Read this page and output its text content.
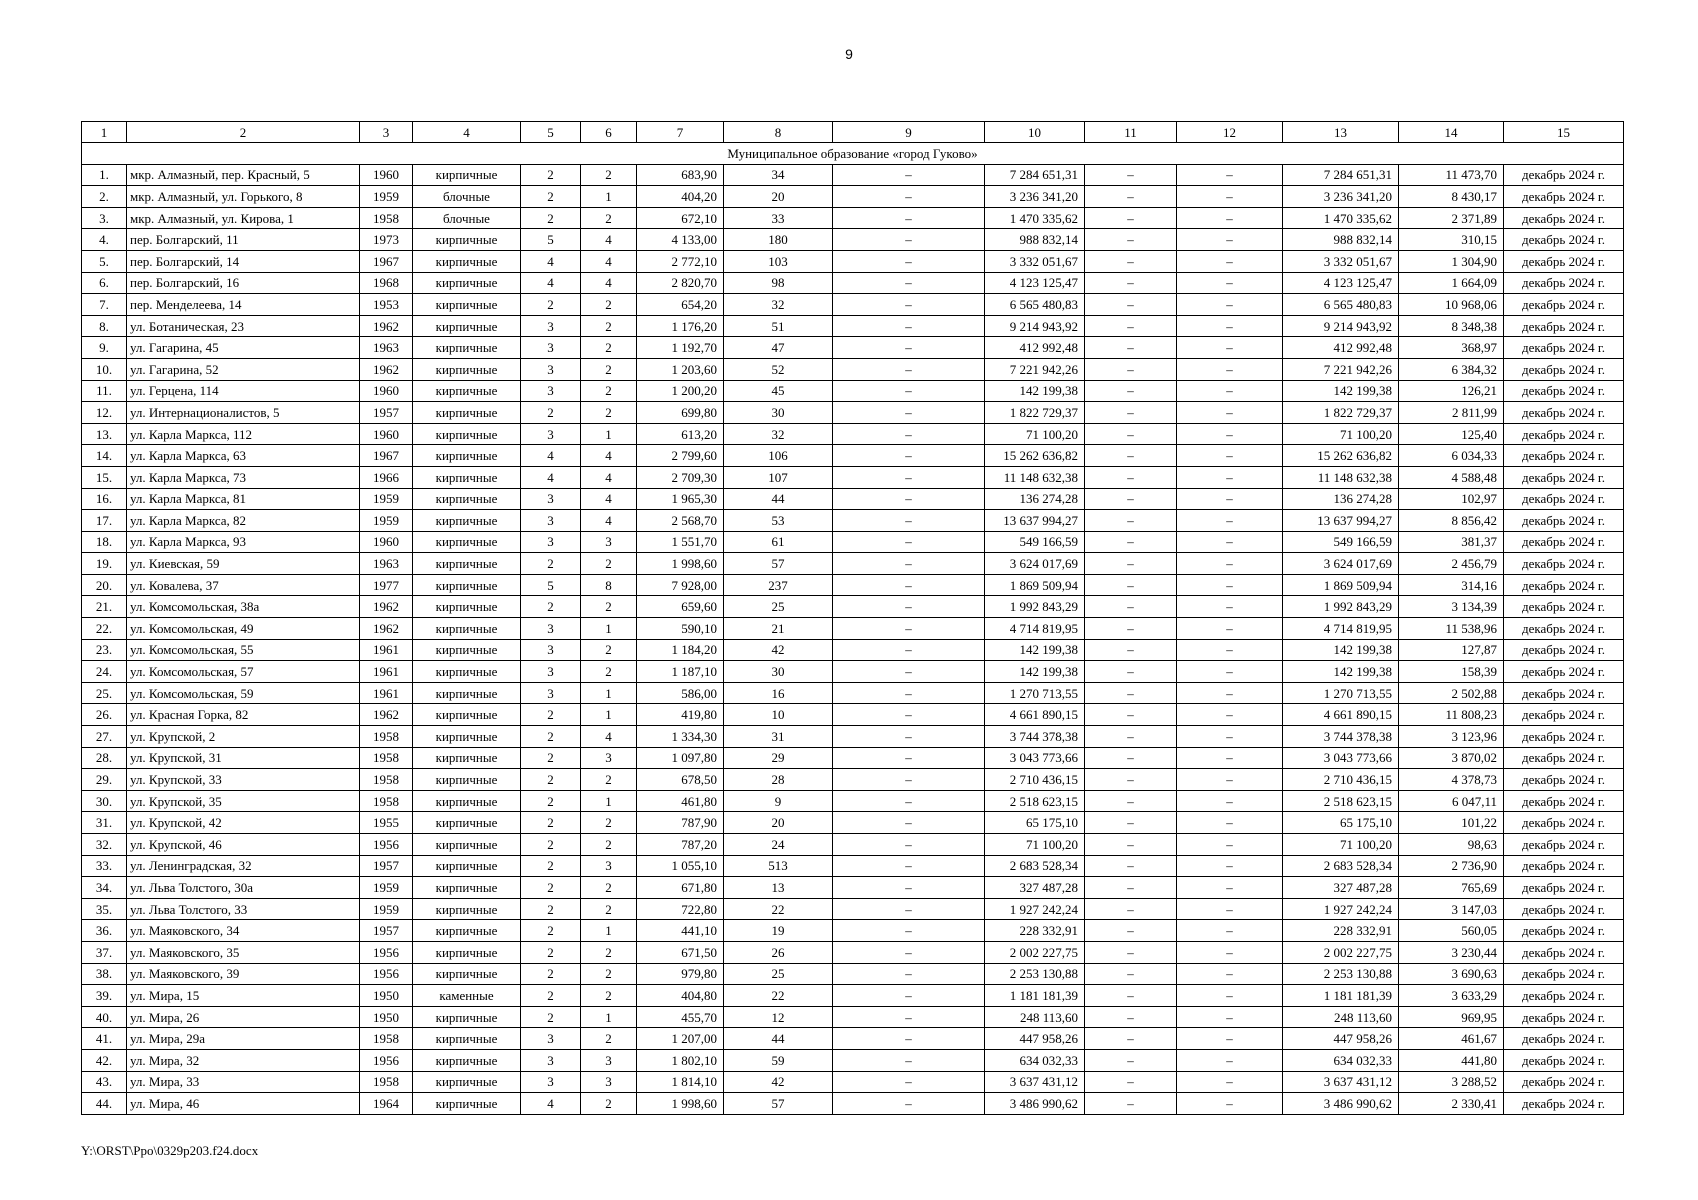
9
1	2	3	4	5	6	7	8	9	10	11	12	13	14	15
Муниципальное образование «город Гуково»														
1.	мкр. Алмазный, пер. Красный, 5	1960	кирпичные	2	2	683,90	34	–	7 284 651,31	–	–	7 284 651,31	11 473,70	декабрь 2024 г.
2.	мкр. Алмазный, ул. Горького, 8	1959	блочные	2	1	404,20	20	–	3 236 341,20	–	–	3 236 341,20	8 430,17	декабрь 2024 г.
3.	мкр. Алмазный, ул. Кирова, 1	1958	блочные	2	2	672,10	33	–	1 470 335,62	–	–	1 470 335,62	2 371,89	декабрь 2024 г.
4.	пер. Болгарский, 11	1973	кирпичные	5	4	4 133,00	180	–	988 832,14	–	–	988 832,14	310,15	декабрь 2024 г.
5.	пер. Болгарский, 14	1967	кирпичные	4	4	2 772,10	103	–	3 332 051,67	–	–	3 332 051,67	1 304,90	декабрь 2024 г.
6.	пер. Болгарский, 16	1968	кирпичные	4	4	2 820,70	98	–	4 123 125,47	–	–	4 123 125,47	1 664,09	декабрь 2024 г.
7.	пер. Менделеева, 14	1953	кирпичные	2	2	654,20	32	–	6 565 480,83	–	–	6 565 480,83	10 968,06	декабрь 2024 г.
8.	ул. Ботаническая, 23	1962	кирпичные	3	2	1 176,20	51	–	9 214 943,92	–	–	9 214 943,92	8 348,38	декабрь 2024 г.
9.	ул. Гагарина, 45	1963	кирпичные	3	2	1 192,70	47	–	412 992,48	–	–	412 992,48	368,97	декабрь 2024 г.
10.	ул. Гагарина, 52	1962	кирпичные	3	2	1 203,60	52	–	7 221 942,26	–	–	7 221 942,26	6 384,32	декабрь 2024 г.
11.	ул. Герцена, 114	1960	кирпичные	3	2	1 200,20	45	–	142 199,38	–	–	142 199,38	126,21	декабрь 2024 г.
12.	ул. Интернационалистов, 5	1957	кирпичные	2	2	699,80	30	–	1 822 729,37	–	–	1 822 729,37	2 811,99	декабрь 2024 г.
13.	ул. Карла Маркса, 112	1960	кирпичные	3	1	613,20	32	–	71 100,20	–	–	71 100,20	125,40	декабрь 2024 г.
14.	ул. Карла Маркса, 63	1967	кирпичные	4	4	2 799,60	106	–	15 262 636,82	–	–	15 262 636,82	6 034,33	декабрь 2024 г.
15.	ул. Карла Маркса, 73	1966	кирпичные	4	4	2 709,30	107	–	11 148 632,38	–	–	11 148 632,38	4 588,48	декабрь 2024 г.
16.	ул. Карла Маркса, 81	1959	кирпичные	3	4	1 965,30	44	–	136 274,28	–	–	136 274,28	102,97	декабрь 2024 г.
17.	ул. Карла Маркса, 82	1959	кирпичные	3	4	2 568,70	53	–	13 637 994,27	–	–	13 637 994,27	8 856,42	декабрь 2024 г.
18.	ул. Карла Маркса, 93	1960	кирпичные	3	3	1 551,70	61	–	549 166,59	–	–	549 166,59	381,37	декабрь 2024 г.
19.	ул. Киевская, 59	1963	кирпичные	2	2	1 998,60	57	–	3 624 017,69	–	–	3 624 017,69	2 456,79	декабрь 2024 г.
20.	ул. Ковалева, 37	1977	кирпичные	5	8	7 928,00	237	–	1 869 509,94	–	–	1 869 509,94	314,16	декабрь 2024 г.
21.	ул. Комсомольская, 38а	1962	кирпичные	2	2	659,60	25	–	1 992 843,29	–	–	1 992 843,29	3 134,39	декабрь 2024 г.
22.	ул. Комсомольская, 49	1962	кирпичные	3	1	590,10	21	–	4 714 819,95	–	–	4 714 819,95	11 538,96	декабрь 2024 г.
23.	ул. Комсомольская, 55	1961	кирпичные	3	2	1 184,20	42	–	142 199,38	–	–	142 199,38	127,87	декабрь 2024 г.
24.	ул. Комсомольская, 57	1961	кирпичные	3	2	1 187,10	30	–	142 199,38	–	–	142 199,38	158,39	декабрь 2024 г.
25.	ул. Комсомольская, 59	1961	кирпичные	3	1	586,00	16	–	1 270 713,55	–	–	1 270 713,55	2 502,88	декабрь 2024 г.
26.	ул. Красная Горка, 82	1962	кирпичные	2	1	419,80	10	–	4 661 890,15	–	–	4 661 890,15	11 808,23	декабрь 2024 г.
27.	ул. Крупской, 2	1958	кирпичные	2	4	1 334,30	31	–	3 744 378,38	–	–	3 744 378,38	3 123,96	декабрь 2024 г.
28.	ул. Крупской, 31	1958	кирпичные	2	3	1 097,80	29	–	3 043 773,66	–	–	3 043 773,66	3 870,02	декабрь 2024 г.
29.	ул. Крупской, 33	1958	кирпичные	2	2	678,50	28	–	2 710 436,15	–	–	2 710 436,15	4 378,73	декабрь 2024 г.
30.	ул. Крупской, 35	1958	кирпичные	2	1	461,80	9	–	2 518 623,15	–	–	2 518 623,15	6 047,11	декабрь 2024 г.
31.	ул. Крупской, 42	1955	кирпичные	2	2	787,90	20	–	65 175,10	–	–	65 175,10	101,22	декабрь 2024 г.
32.	ул. Крупской, 46	1956	кирпичные	2	2	787,20	24	–	71 100,20	–	–	71 100,20	98,63	декабрь 2024 г.
33.	ул. Ленинградская, 32	1957	кирпичные	2	3	1 055,10	513	–	2 683 528,34	–	–	2 683 528,34	2 736,90	декабрь 2024 г.
34.	ул. Льва Толстого, 30а	1959	кирпичные	2	2	671,80	13	–	327 487,28	–	–	327 487,28	765,69	декабрь 2024 г.
35.	ул. Льва Толстого, 33	1959	кирпичные	2	2	722,80	22	–	1 927 242,24	–	–	1 927 242,24	3 147,03	декабрь 2024 г.
36.	ул. Маяковского, 34	1957	кирпичные	2	1	441,10	19	–	228 332,91	–	–	228 332,91	560,05	декабрь 2024 г.
37.	ул. Маяковского, 35	1956	кирпичные	2	2	671,50	26	–	2 002 227,75	–	–	2 002 227,75	3 230,44	декабрь 2024 г.
38.	ул. Маяковского, 39	1956	кирпичные	2	2	979,80	25	–	2 253 130,88	–	–	2 253 130,88	3 690,63	декабрь 2024 г.
39.	ул. Мира, 15	1950	каменные	2	2	404,80	22	–	1 181 181,39	–	–	1 181 181,39	3 633,29	декабрь 2024 г.
40.	ул. Мира, 26	1950	кирпичные	2	1	455,70	12	–	248 113,60	–	–	248 113,60	969,95	декабрь 2024 г.
41.	ул. Мира, 29а	1958	кирпичные	3	2	1 207,00	44	–	447 958,26	–	–	447 958,26	461,67	декабрь 2024 г.
42.	ул. Мира, 32	1956	кирпичные	3	3	1 802,10	59	–	634 032,33	–	–	634 032,33	441,80	декабрь 2024 г.
43.	ул. Мира, 33	1958	кирпичные	3	3	1 814,10	42	–	3 637 431,12	–	–	3 637 431,12	3 288,52	декабрь 2024 г.
44.	ул. Мира, 46	1964	кирпичные	4	2	1 998,60	57	–	3 486 990,62	–	–	3 486 990,62	2 330,41	декабрь 2024 г.
Y:\ORST\Ppo\0329p203.f24.docx
